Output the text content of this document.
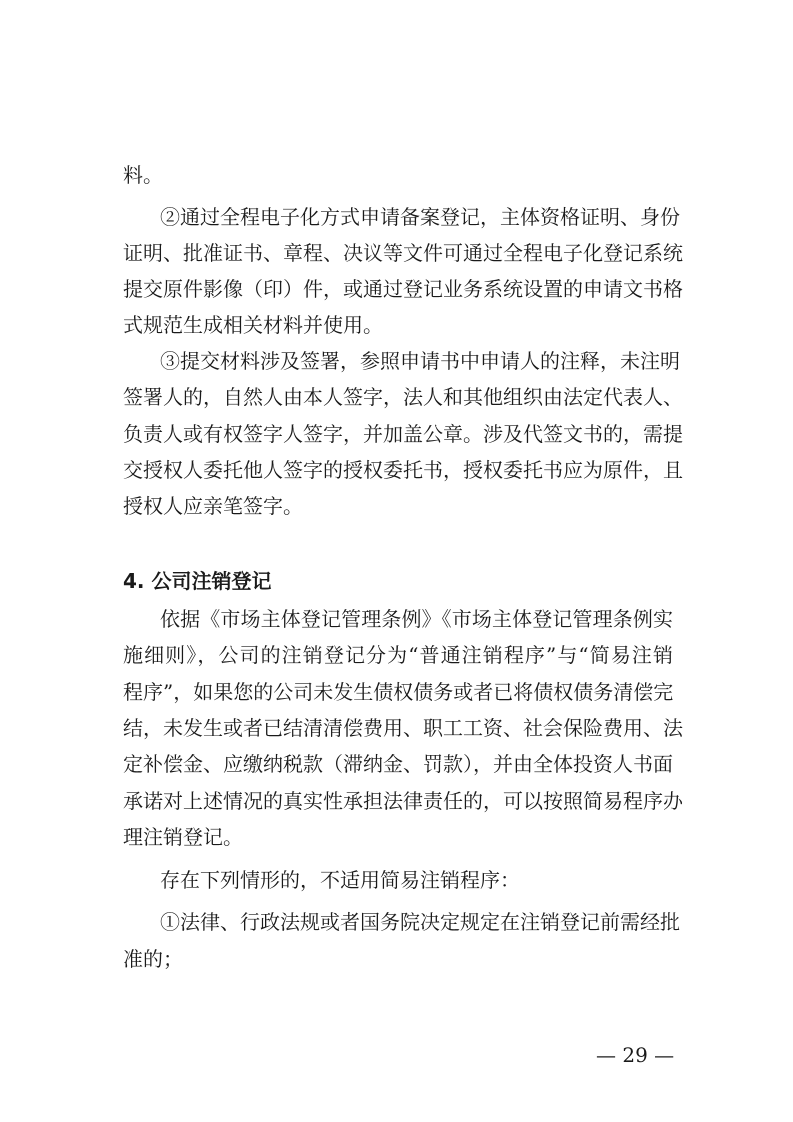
料。
②通过全程电子化方式申请备案登记，主体资格证明、身份
证明、批准证书、章程、决议等文件可通过全程电子化登记系统
提交原件影像（印）件，或通过登记业务系统设置的申请文书格
式规范生成相关材料并使用。
③提交材料涉及签署，参照申请书中申请人的注释，未注明
签署人的，自然人由本人签字，法人和其他组织由法定代表人、
负责人或有权签字人签字，并加盖公章。涉及代签文书的，需提
交授权人委托他人签字的授权委托书，授权委托书应为原件，且
授权人应亲笔签字。
4. 公司注销登记
依据《市场主体登记管理条例》《市场主体登记管理条例实
施细则》，公司的注销登记分为“普通注销程序”与“简易注销
程序”，如果您的公司未发生债权债务或者已将债权债务清偿完
结，未发生或者已结清清偿费用、职工工资、社会保险费用、法
定补偿金、应缴纳税款（滞纳金、罚款），并由全体投资人书面
承诺对上述情况的真实性承担法律责任的，可以按照简易程序办
理注销登记。
存在下列情形的，不适用简易注销程序：
①法律、行政法规或者国务院决定规定在注销登记前需经批
准的；
— 29 —
